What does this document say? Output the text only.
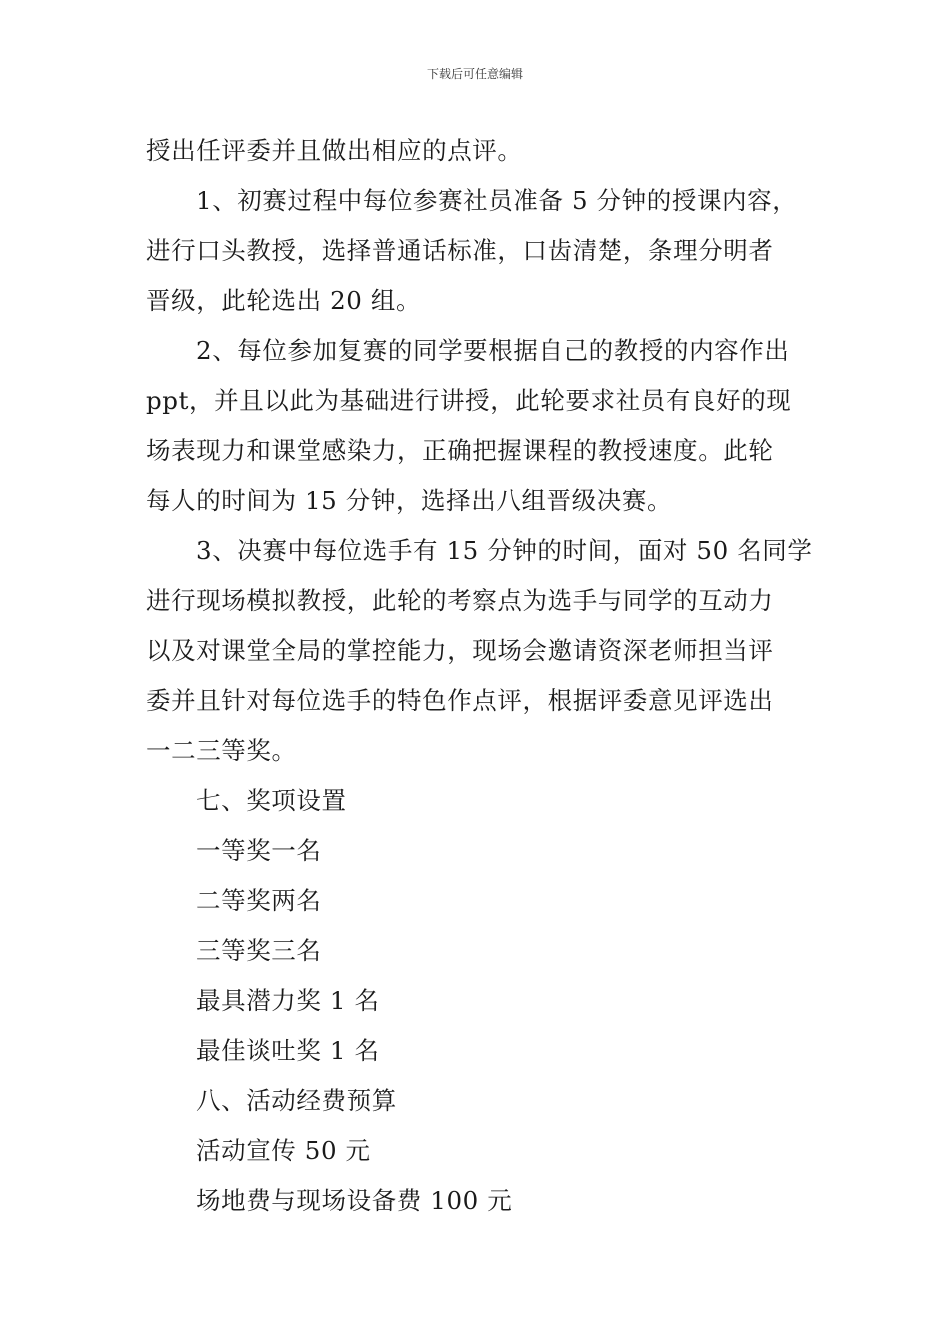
下载后可任意编辑
授出任评委并且做出相应的点评。
1、初赛过程中每位参赛社员准备 5 分钟的授课内容，
进行口头教授，选择普通话标准，口齿清楚，条理分明者
晋级，此轮选出 20 组。
2、每位参加复赛的同学要根据自己的教授的内容作出
ppt，并且以此为基础进行讲授，此轮要求社员有良好的现
场表现力和课堂感染力，正确把握课程的教授速度。此轮
每人的时间为 15 分钟，选择出八组晋级决赛。
3、决赛中每位选手有 15 分钟的时间，面对 50 名同学
进行现场模拟教授，此轮的考察点为选手与同学的互动力
以及对课堂全局的掌控能力，现场会邀请资深老师担当评
委并且针对每位选手的特色作点评，根据评委意见评选出
一二三等奖。
七、奖项设置
一等奖一名
二等奖两名
三等奖三名
最具潜力奖 1 名
最佳谈吐奖 1 名
八、活动经费预算
活动宣传 50 元
场地费与现场设备费 100 元
